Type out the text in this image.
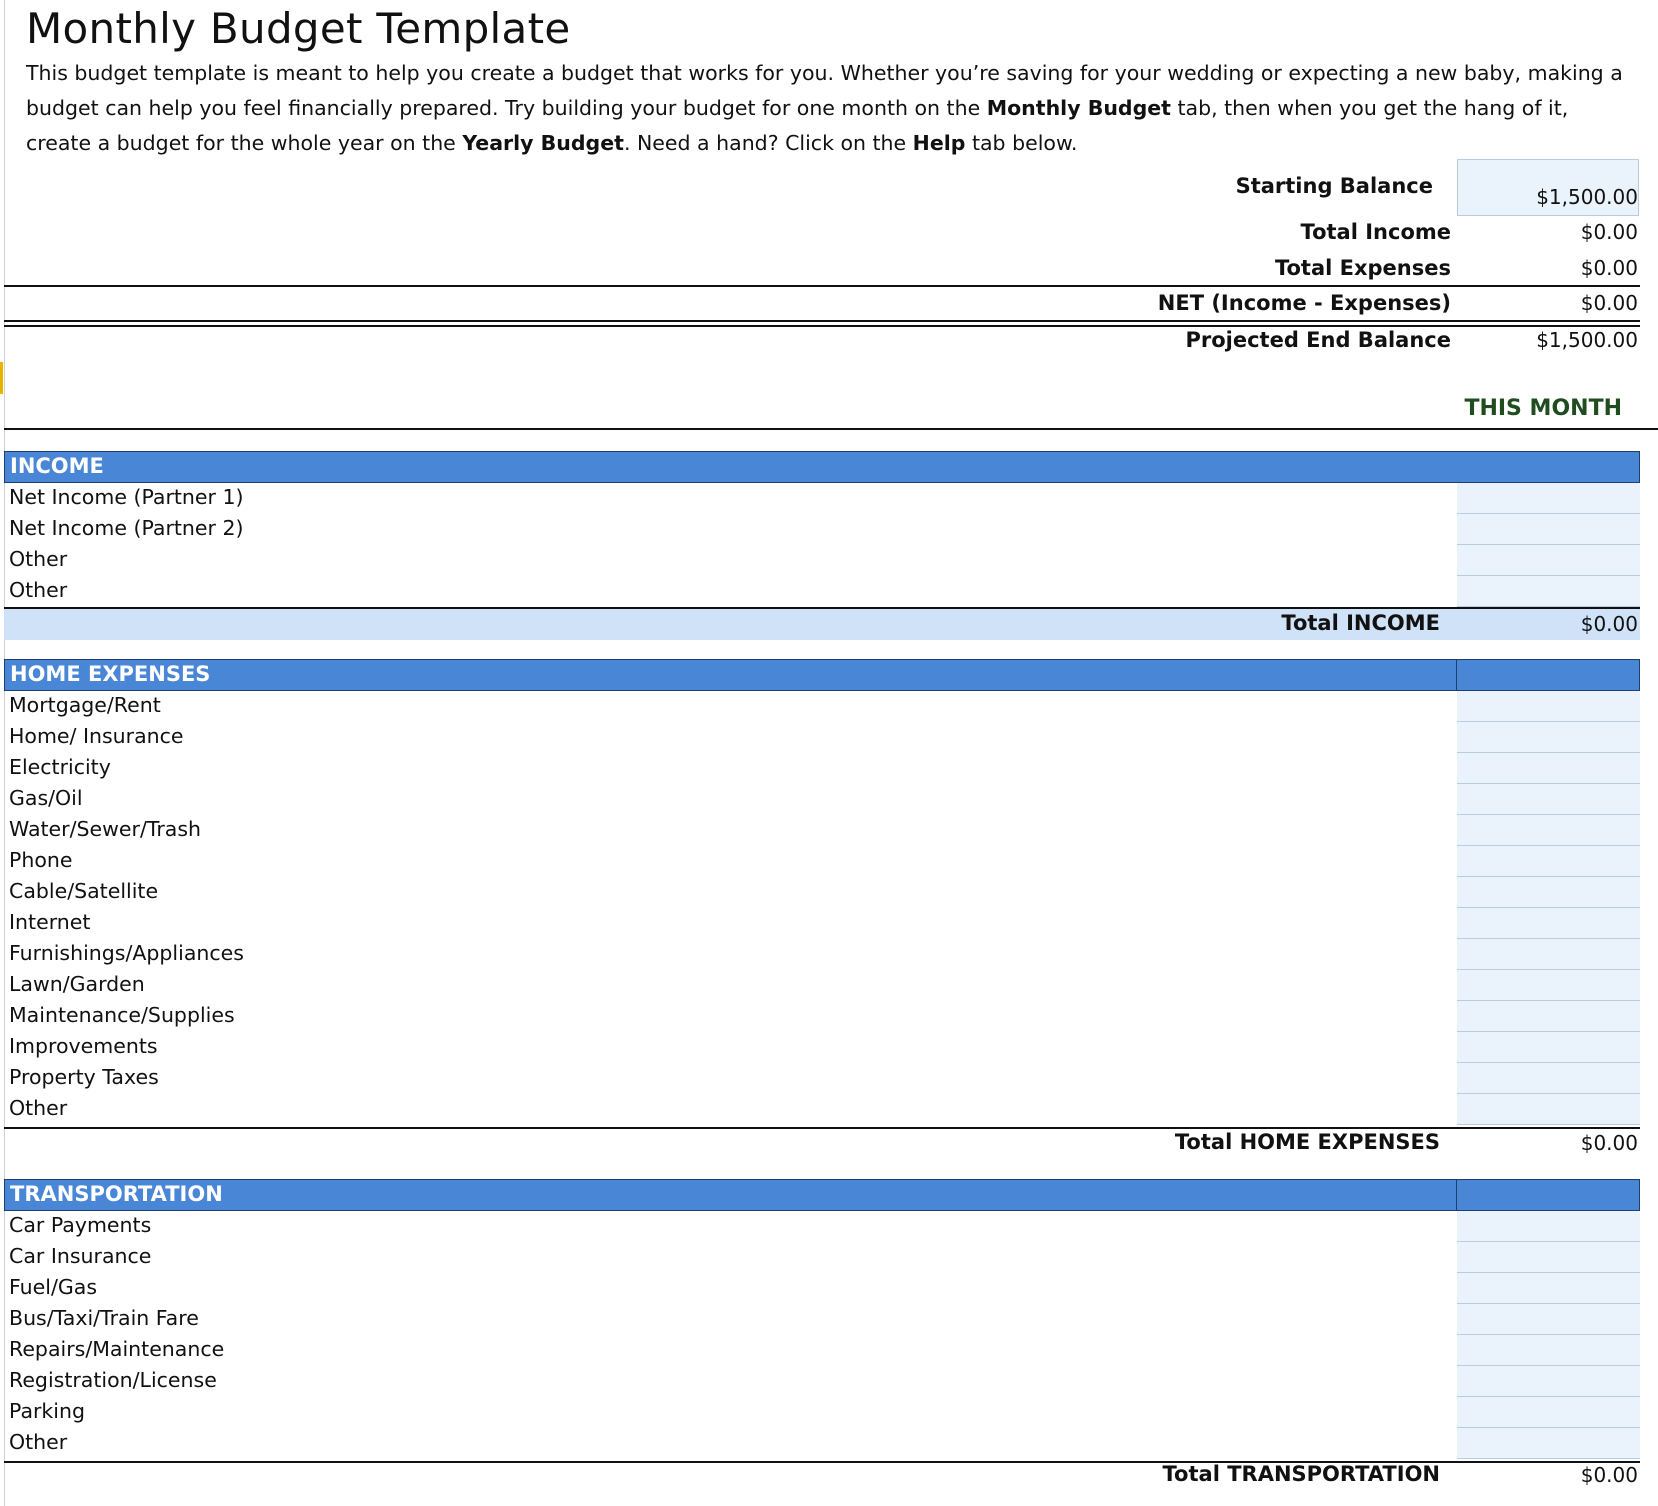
Monthly Budget Template
This budget template is meant to help you create a budget that works for you. Whether you’re saving for your wedding or expecting a new baby, making a budget can help you feel financially prepared. Try building your budget for one month on the Monthly Budget tab, then when you get the hang of it, create a budget for the whole year on the Yearly Budget. Need a hand? Click on the Help tab below.
Starting Balance	$1,500.00
Total Income	$0.00
Total Expenses	$0.00
NET (Income - Expenses)	$0.00
Projected End Balance	$1,500.00
THIS MONTH
INCOME
Net Income (Partner 1)
Net Income (Partner 2)
Other
Other
Total INCOME	$0.00
HOME EXPENSES
Mortgage/Rent
Home/ Insurance
Electricity
Gas/Oil
Water/Sewer/Trash
Phone
Cable/Satellite
Internet
Furnishings/Appliances
Lawn/Garden
Maintenance/Supplies
Improvements
Property Taxes
Other
Total HOME EXPENSES	$0.00
TRANSPORTATION
Car Payments
Car Insurance
Fuel/Gas
Bus/Taxi/Train Fare
Repairs/Maintenance
Registration/License
Parking
Other
Total TRANSPORTATION	$0.00
